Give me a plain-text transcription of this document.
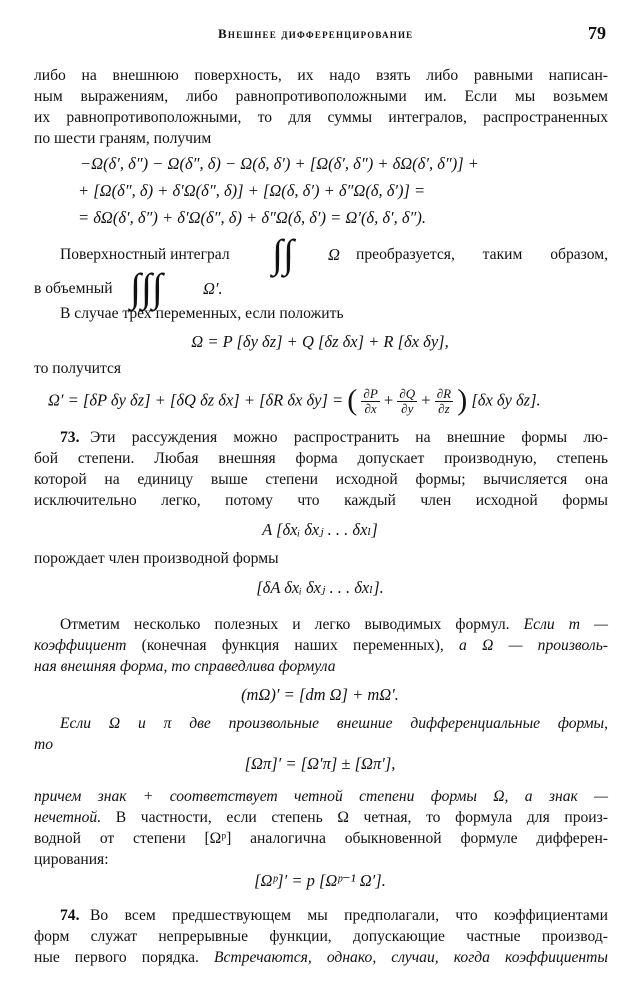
Внешнее дифференцирование	79
либо на внешнюю поверхность, их надо взять либо равными написан-
ным выражениям, либо равнопротивоположными им. Если мы возьмем
их равнопротивоположными, то для суммы интегралов, распространенных
по шести граням, получим
−Ω(δ′, δ″) − Ω(δ″, δ) − Ω(δ, δ′) + [Ω(δ′, δ″) + δΩ(δ′, δ″)] +
+ [Ω(δ″, δ) + δ′Ω(δ″, δ)] + [Ω(δ, δ′) + δ″Ω(δ, δ′)] =
= δΩ(δ′, δ″) + δ′Ω(δ″, δ) + δ″Ω(δ, δ′) = Ω′(δ, δ′, δ″).
Поверхностный интеграл ∫∫ Ω преобразуется, таким образом,
в объемный ∫∫∫ Ω′.
В случае трех переменных, если положить
Ω = P [δy δz] + Q [δz δx] + R [δx δy],
то получится
Ω′ = [δP δy δz] + [δQ δz δx] + [δR δx δy] = ( $\frac{\partial P}{\partial x} + \frac{\partial Q}{\partial y} + \frac{\partial R}{\partial z}$ ) [δx δy δz].
73. Эти рассуждения можно распространить на внешние формы лю-
бой степени. Любая внешняя форма допускает производную, степень
которой на единицу выше степени исходной формы; вычисляется она
исключительно легко, потому что каждый член исходной формы
A [δxᵢ δxⱼ . . . δxₗ]
порождает член производной формы
[δA δxᵢ δxⱼ . . . δxₗ].
Отметим несколько полезных и легко выводимых формул. Если m —
коэффициент (конечная функция наших переменных), а Ω — произволь-
ная внешняя форма, то справедлива формула
(mΩ)′ = [dm Ω] + mΩ′.
Если Ω и π две произвольные внешние дифференциальные формы,
то
[Ωπ]′ = [Ω′π] ± [Ωπ′],
причем знак + соответствует четной степени формы Ω, а знак —
нечетной. В частности, если степень Ω четная, то формула для произ-
водной от степени [Ωᵖ] аналогична обыкновенной формуле дифферен-
цирования:
[Ωᵖ]′ = p [Ωᵖ⁻¹ Ω′].
74. Во всем предшествующем мы предполагали, что коэффициентами
форм служат непрерывные функции, допускающие частные производ-
ные первого порядка. Встречаются, однако, случаи, когда коэффициенты
